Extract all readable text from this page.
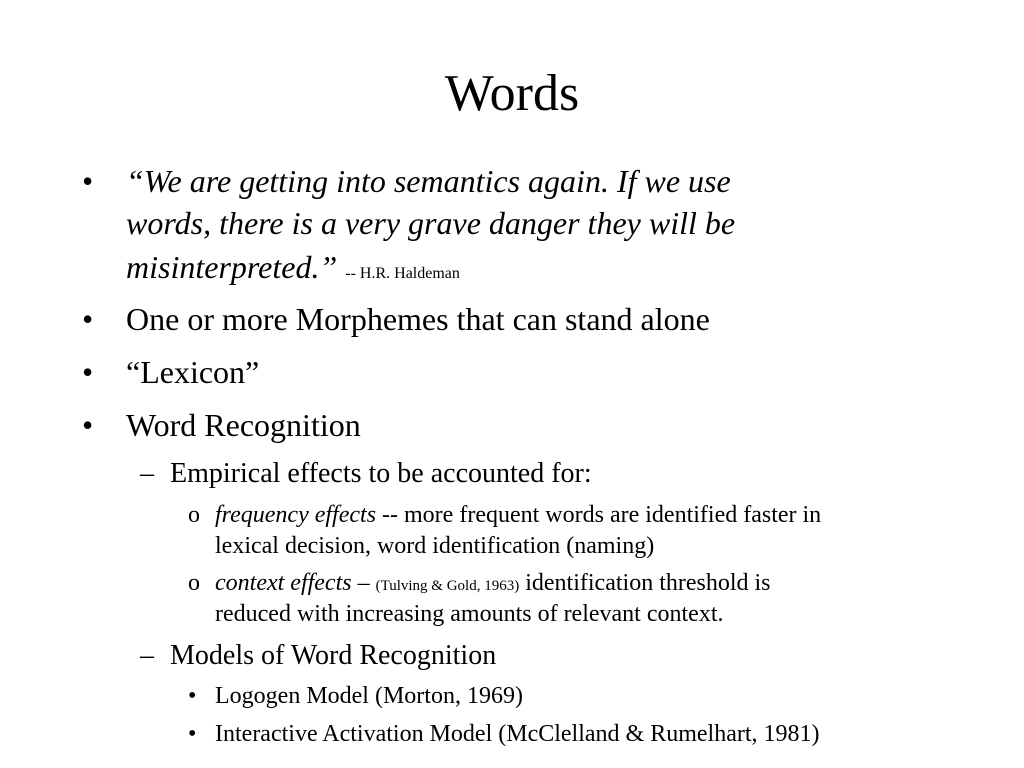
Words
• “We are getting into semantics again. If we use
words, there is a very grave danger they will be
misinterpreted.” -- H.R. Haldeman
• One or more Morphemes that can stand alone
• “Lexicon”
• Word Recognition
– Empirical effects to be accounted for:
o frequency effects -- more frequent words are identified faster in
lexical decision, word identification (naming)
o context effects – (Tulving & Gold, 1963) identification threshold is
reduced with increasing amounts of relevant context.
– Models of Word Recognition
• Logogen Model (Morton, 1969)
• Interactive Activation Model (McClelland & Rumelhart, 1981)
